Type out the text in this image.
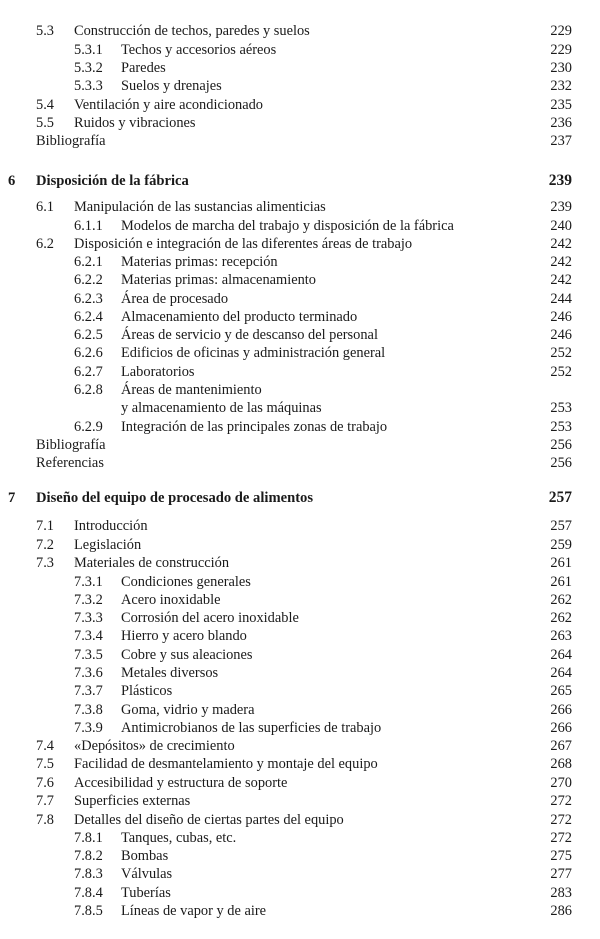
5.3 Construcción de techos, paredes y suelos	229
5.3.1 Techos y accesorios aéreos	229
5.3.2 Paredes	230
5.3.3 Suelos y drenajes	232
5.4 Ventilación y aire acondicionado	235
5.5 Ruidos y vibraciones	236
Bibliografía	237
6 Disposición de la fábrica	239
6.1 Manipulación de las sustancias alimenticias	239
6.1.1 Modelos de marcha del trabajo y disposición de la fábrica	240
6.2 Disposición e integración de las diferentes áreas de trabajo	242
6.2.1 Materias primas: recepción	242
6.2.2 Materias primas: almacenamiento	242
6.2.3 Área de procesado	244
6.2.4 Almacenamiento del producto terminado	246
6.2.5 Áreas de servicio y de descanso del personal	246
6.2.6 Edificios de oficinas y administración general	252
6.2.7 Laboratorios	252
6.2.8 Áreas de mantenimiento
y almacenamiento de las máquinas	253
6.2.9 Integración de las principales zonas de trabajo	253
Bibliografía	256
Referencias	256
7 Diseño del equipo de procesado de alimentos	257
7.1 Introducción	257
7.2 Legislación	259
7.3 Materiales de construcción	261
7.3.1 Condiciones generales	261
7.3.2 Acero inoxidable	262
7.3.3 Corrosión del acero inoxidable	262
7.3.4 Hierro y acero blando	263
7.3.5 Cobre y sus aleaciones	264
7.3.6 Metales diversos	264
7.3.7 Plásticos	265
7.3.8 Goma, vidrio y madera	266
7.3.9 Antimicrobianos de las superficies de trabajo	266
7.4 «Depósitos» de crecimiento	267
7.5 Facilidad de desmantelamiento y montaje del equipo	268
7.6 Accesibilidad y estructura de soporte	270
7.7 Superficies externas	272
7.8 Detalles del diseño de ciertas partes del equipo	272
7.8.1 Tanques, cubas, etc.	272
7.8.2 Bombas	275
7.8.3 Válvulas	277
7.8.4 Tuberías	283
7.8.5 Líneas de vapor y de aire	286
